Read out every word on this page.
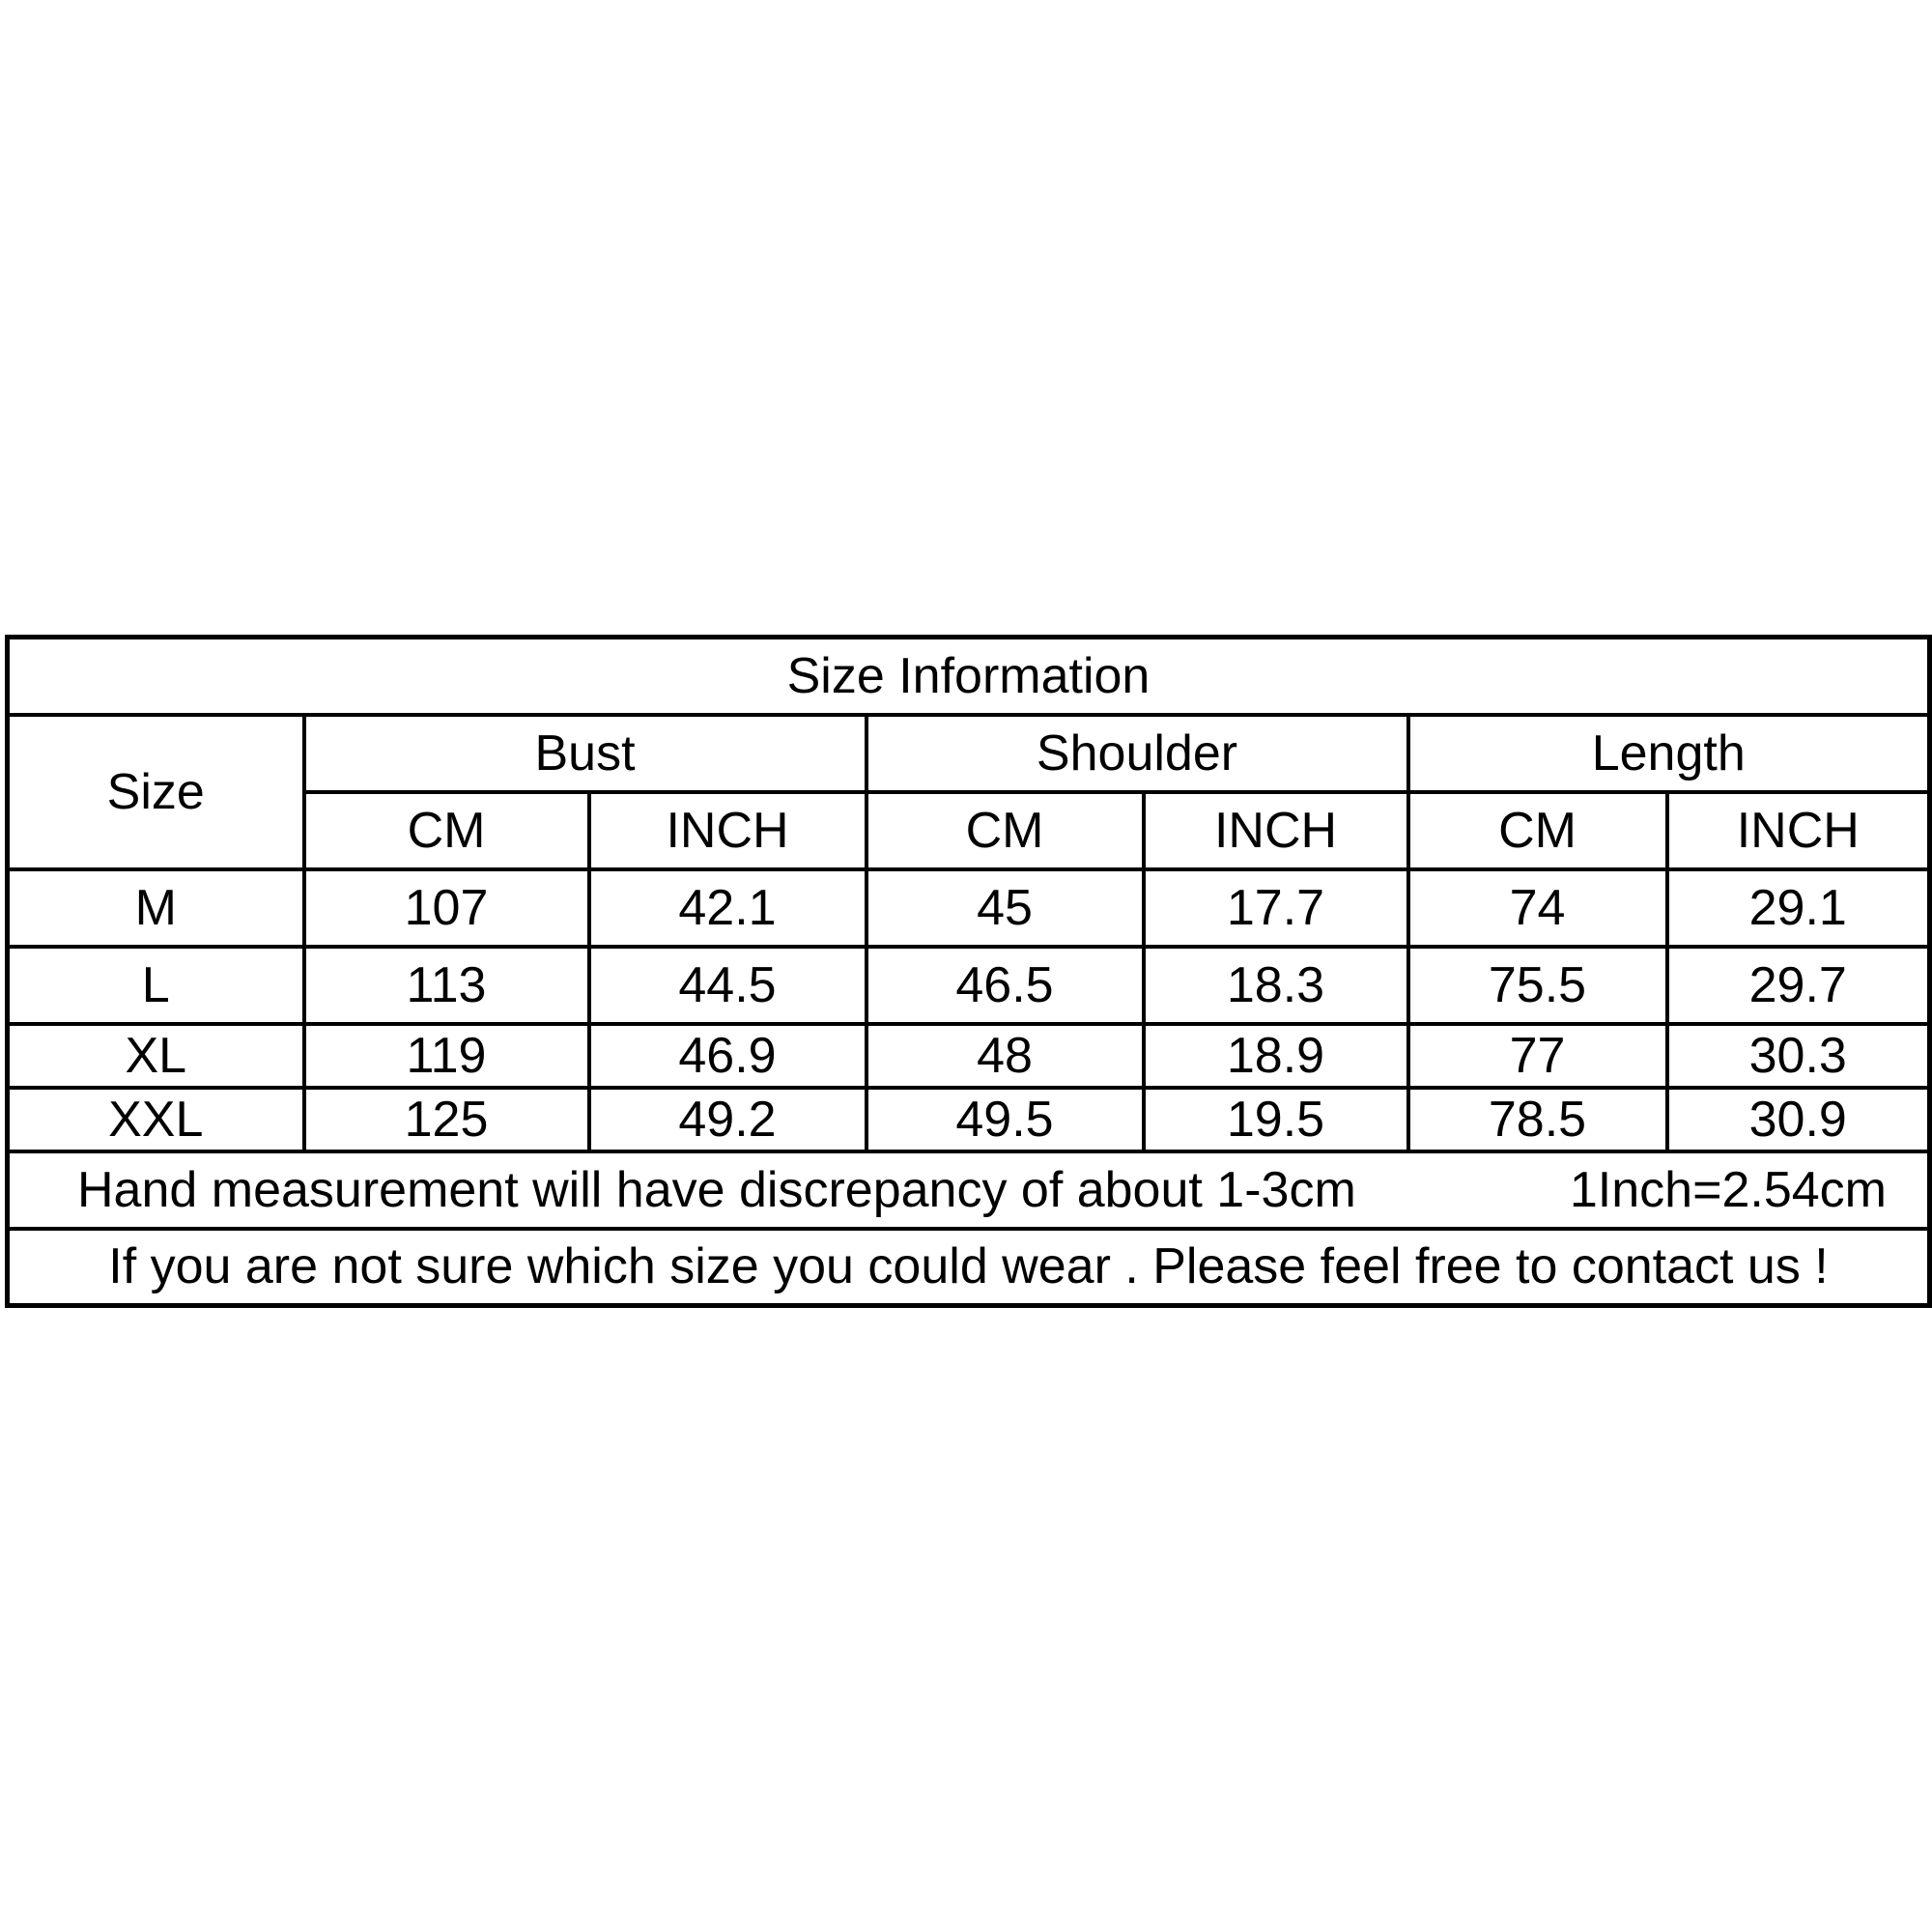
Size Information						
Size	Bust		Shoulder		Length	
	CM	INCH	CM	INCH	CM	INCH
M	107	42.1	45	17.7	74	29.1
L	113	44.5	46.5	18.3	75.5	29.7
XL	119	46.9	48	18.9	77	30.3
XXL	125	49.2	49.5	19.5	78.5	30.9

Hand measurement will have discrepancy of about 1-3cm 1Inch=2.54cm						

If you are not sure which size you could wear . Please feel free to contact us !						
